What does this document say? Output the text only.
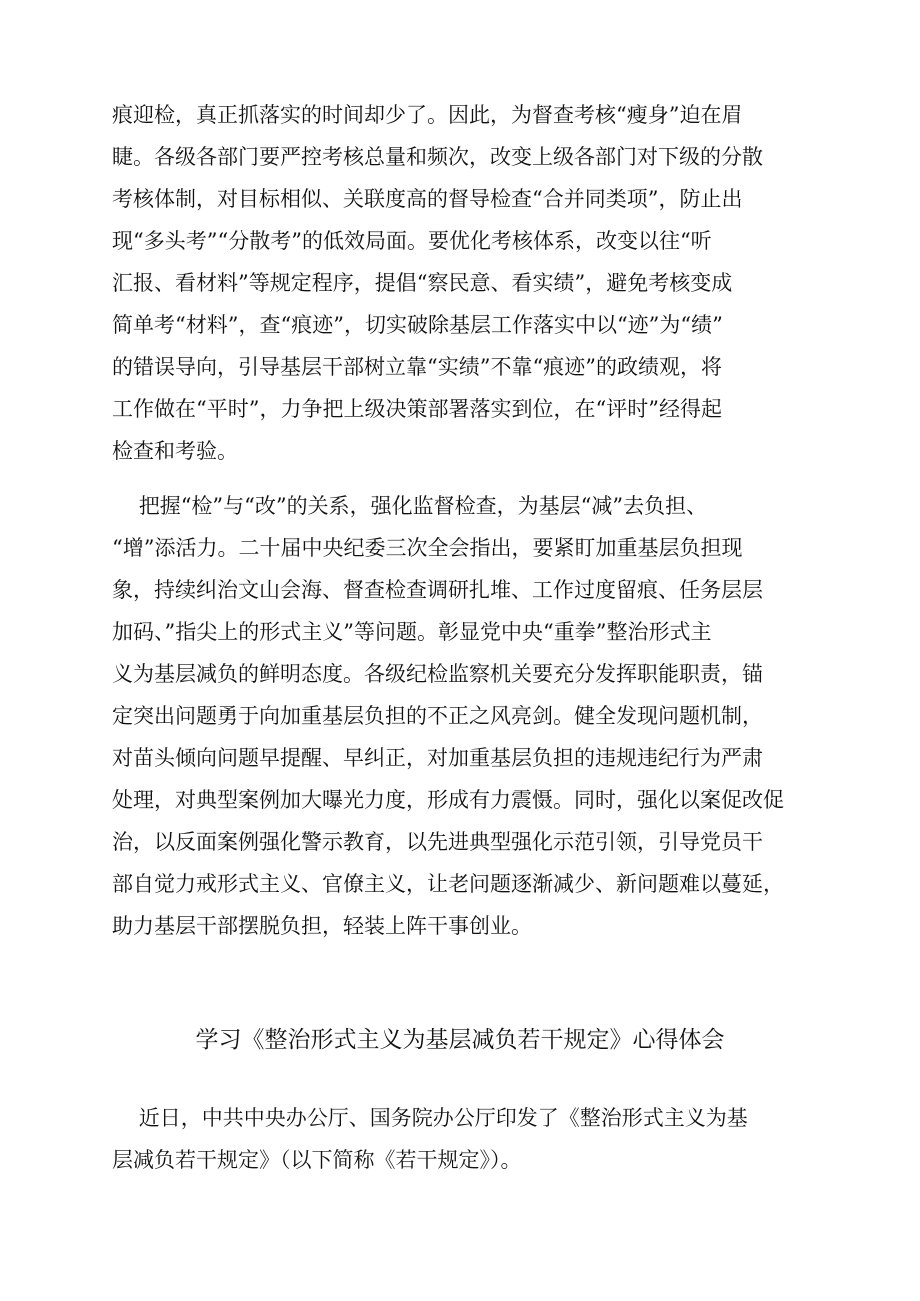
痕迎检，真正抓落实的时间却少了。因此，为督查考核“瘦身”迫在眉
睫。各级各部门要严控考核总量和频次，改变上级各部门对下级的分散
考核体制，对目标相似、关联度高的督导检查“合并同类项”，防止出
现“多头考”“分散考”的低效局面。要优化考核体系，改变以往“听
汇报、看材料”等规定程序，提倡“察民意、看实绩”，避免考核变成
简单考“材料”，查“痕迹”，切实破除基层工作落实中以“迹”为“绩”
的错误导向，引导基层干部树立靠“实绩”不靠“痕迹”的政绩观，将
工作做在“平时”，力争把上级决策部署落实到位，在“评时”经得起
检查和考验。
把握“检”与“改”的关系，强化监督检查，为基层“减”去负担、
“增”添活力。二十届中央纪委三次全会指出，要紧盯加重基层负担现
象，持续纠治文山会海、督查检查调研扎堆、工作过度留痕、任务层层
加码、”指尖上的形式主义”等问题。彰显党中央“重拳”整治形式主
义为基层减负的鲜明态度。各级纪检监察机关要充分发挥职能职责，锚
定突出问题勇于向加重基层负担的不正之风亮剑。健全发现问题机制，
对苗头倾向问题早提醒、早纠正，对加重基层负担的违规违纪行为严肃
处理，对典型案例加大曝光力度，形成有力震慑。同时，强化以案促改促
治，以反面案例强化警示教育，以先进典型强化示范引领，引导党员干
部自觉力戒形式主义、官僚主义，让老问题逐渐减少、新问题难以蔓延，
助力基层干部摆脱负担，轻装上阵干事创业。
学习《整治形式主义为基层减负若干规定》心得体会
近日，中共中央办公厅、国务院办公厅印发了《整治形式主义为基
层减负若干规定》（以下简称《若干规定》）。
